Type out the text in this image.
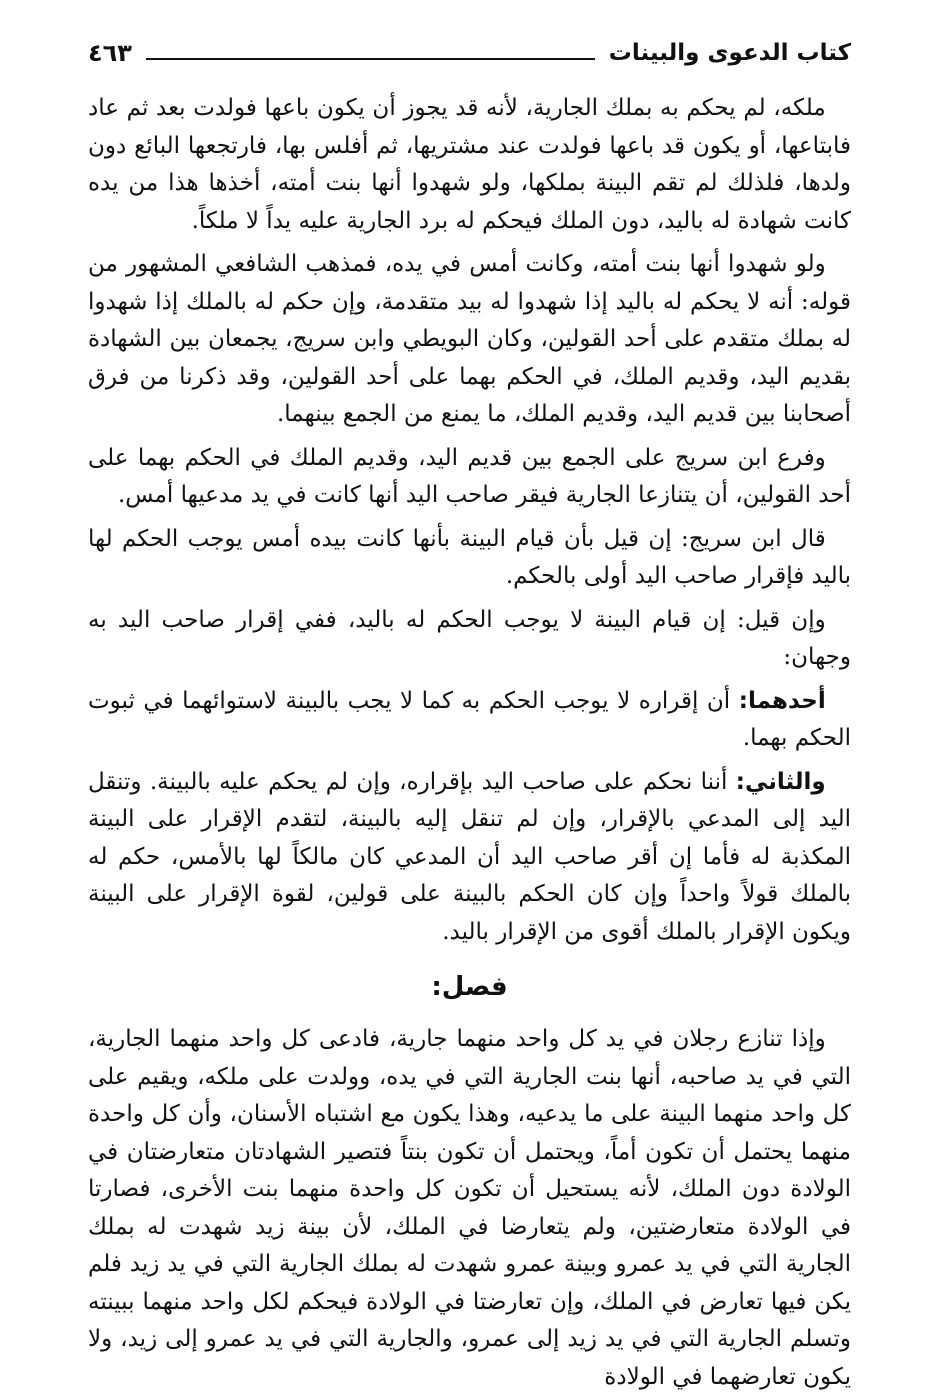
كتاب الدعوى والبينات
٤٦٣

ملكه، لم يحكم به بملك الجارية، لأنه قد يجوز أن يكون باعها فولدت بعد ثم عاد فابتاعها، أو يكون قد باعها فولدت عند مشتريها، ثم أفلس بها، فارتجعها البائع دون ولدها، فلذلك لم تقم البينة بملكها، ولو شهدوا أنها بنت أمته، أخذها هذا من يده كانت شهادة له باليد، دون الملك فيحكم له برد الجارية عليه يداً لا ملكاً.

ولو شهدوا أنها بنت أمته، وكانت أمس في يده، فمذهب الشافعي المشهور من قوله: أنه لا يحكم له باليد إذا شهدوا له بيد متقدمة، وإن حكم له بالملك إذا شهدوا له بملك متقدم على أحد القولين، وكان البويطي وابن سريج، يجمعان بين الشهادة بقديم اليد، وقديم الملك، في الحكم بهما على أحد القولين، وقد ذكرنا من فرق أصحابنا بين قديم اليد، وقديم الملك، ما يمنع من الجمع بينهما.

وفرع ابن سريج على الجمع بين قديم اليد، وقديم الملك في الحكم بهما على أحد القولين، أن يتنازعا الجارية فيقر صاحب اليد أنها كانت في يد مدعيها أمس.

قال ابن سريج: إن قيل بأن قيام البينة بأنها كانت بيده أمس يوجب الحكم لها باليد فإقرار صاحب اليد أولى بالحكم.

وإن قيل: إن قيام البينة لا يوجب الحكم له باليد، ففي إقرار صاحب اليد به وجهان:

أحدهما: أن إقراره لا يوجب الحكم به كما لا يجب بالبينة لاستوائهما في ثبوت الحكم بهما.

والثاني: أننا نحكم على صاحب اليد بإقراره، وإن لم يحكم عليه بالبينة. وتنقل اليد إلى المدعي بالإقرار، وإن لم تنقل إليه بالبينة، لتقدم الإقرار على البينة المكذبة له فأما إن أقر صاحب اليد أن المدعي كان مالكاً لها بالأمس، حكم له بالملك قولاً واحداً وإن كان الحكم بالبينة على قولين، لقوة الإقرار على البينة ويكون الإقرار بالملك أقوى من الإقرار باليد.

فصل:

وإذا تنازع رجلان في يد كل واحد منهما جارية، فادعى كل واحد منهما الجارية، التي في يد صاحبه، أنها بنت الجارية التي في يده، وولدت على ملكه، ويقيم على كل واحد منهما البينة على ما يدعيه، وهذا يكون مع اشتباه الأسنان، وأن كل واحدة منهما يحتمل أن تكون أماً، ويحتمل أن تكون بنتاً فتصير الشهادتان متعارضتان في الولادة دون الملك، لأنه يستحيل أن تكون كل واحدة منهما بنت الأخرى، فصارتا في الولادة متعارضتين، ولم يتعارضا في الملك، لأن بينة زيد شهدت له بملك الجارية التي في يد عمرو وبينة عمرو شهدت له بملك الجارية التي في يد زيد فلم يكن فيها تعارض في الملك، وإن تعارضتا في الولادة فيحكم لكل واحد منهما ببينته وتسلم الجارية التي في يد زيد إلى عمرو، والجارية التي في يد عمرو إلى زيد، ولا يكون تعارضهما في الولادة
